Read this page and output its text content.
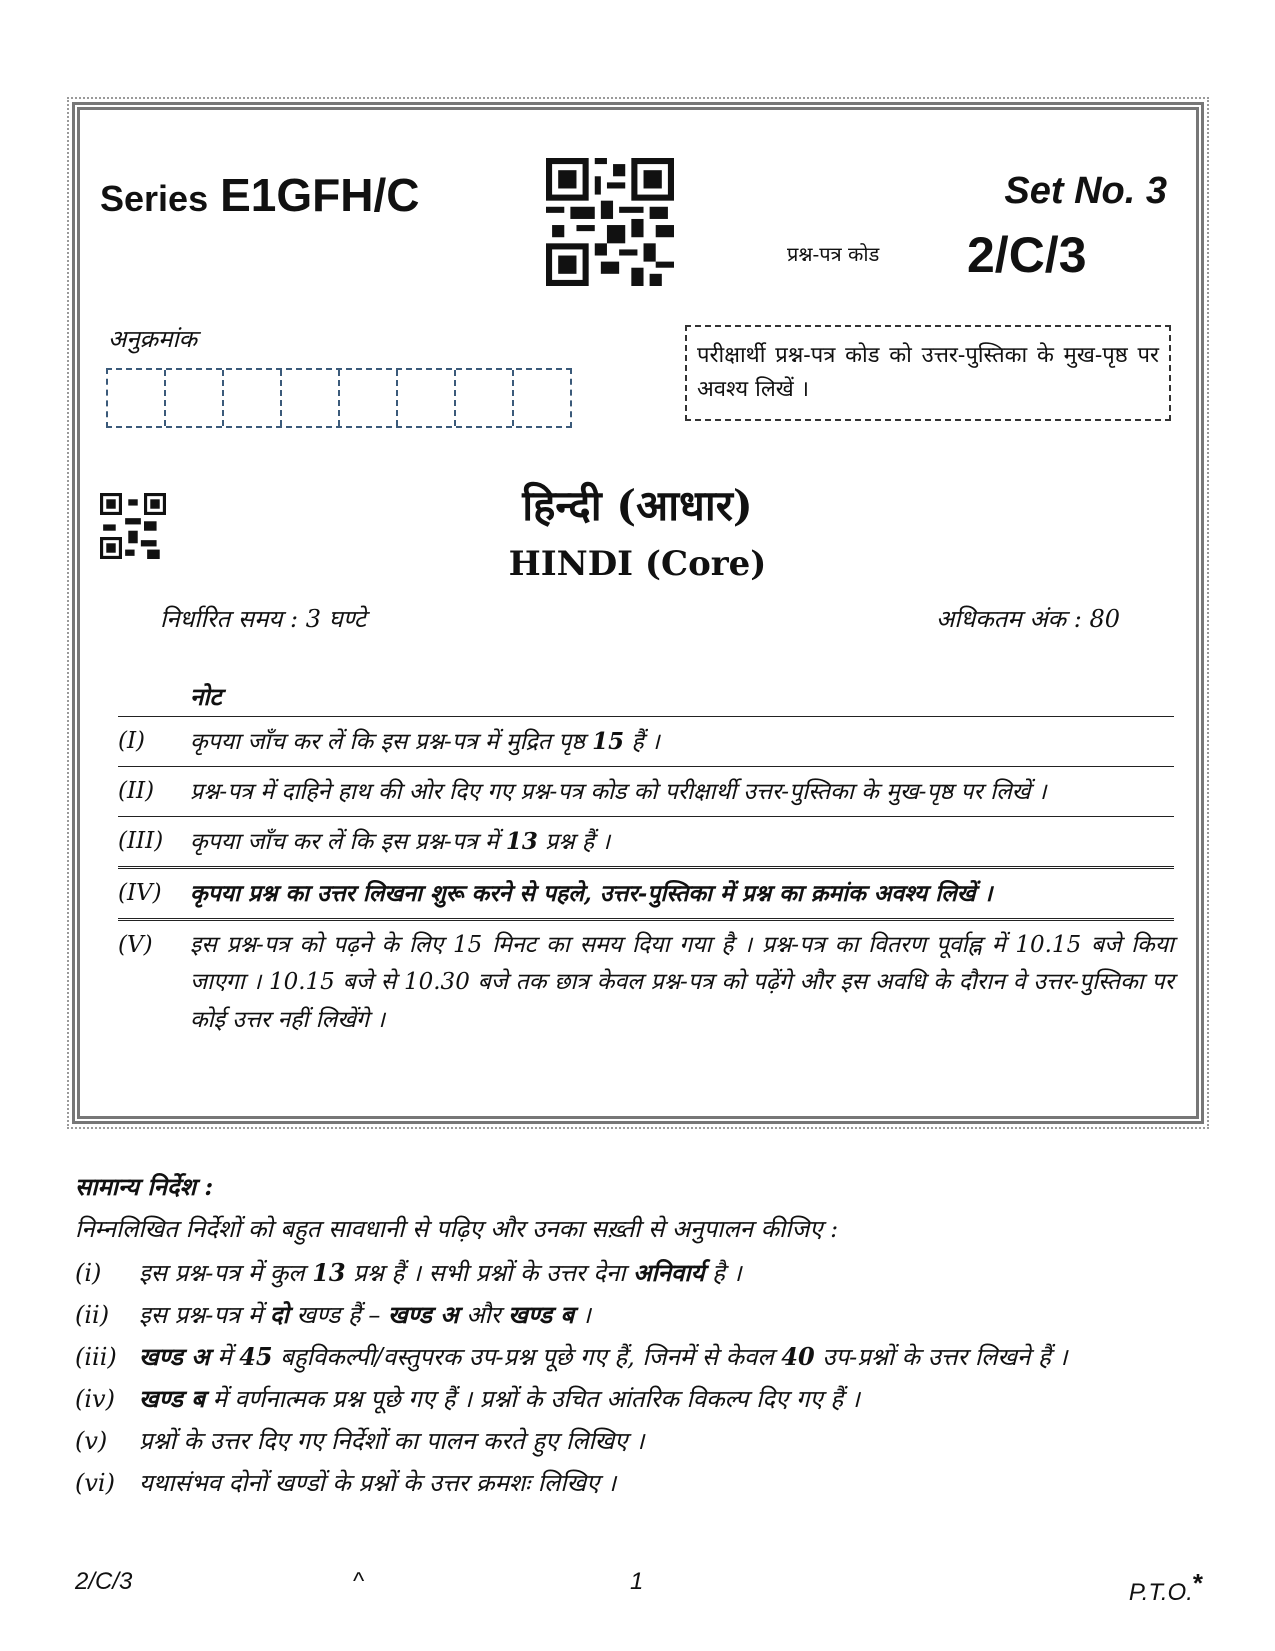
Series E1GFH/C	Set No. 3
प्रश्न-पत्र कोड 2/C/3
अनुक्रमांक
परीक्षार्थी प्रश्न-पत्र कोड को उत्तर-पुस्तिका के मुख-पृष्ठ पर अवश्य लिखें ।
हिन्दी (आधार)
HINDI (Core)
निर्धारित समय : 3 घण्टे	अधिकतम अंक : 80
नोट
(I)	कृपया जाँच कर लें कि इस प्रश्न-पत्र में मुद्रित पृष्ठ 15 हैं ।
(II)	प्रश्न-पत्र में दाहिने हाथ की ओर दिए गए प्रश्न-पत्र कोड को परीक्षार्थी उत्तर-पुस्तिका के मुख-पृष्ठ पर लिखें ।
(III)	कृपया जाँच कर लें कि इस प्रश्न-पत्र में 13 प्रश्न हैं ।
(IV)	कृपया प्रश्न का उत्तर लिखना शुरू करने से पहले, उत्तर-पुस्तिका में प्रश्न का क्रमांक अवश्य लिखें ।
(V)	इस प्रश्न-पत्र को पढ़ने के लिए 15 मिनट का समय दिया गया है । प्रश्न-पत्र का वितरण पूर्वाह्न में 10.15 बजे किया जाएगा । 10.15 बजे से 10.30 बजे तक छात्र केवल प्रश्न-पत्र को पढ़ेंगे और इस अवधि के दौरान वे उत्तर-पुस्तिका पर कोई उत्तर नहीं लिखेंगे ।
सामान्य निर्देश :
निम्नलिखित निर्देशों को बहुत सावधानी से पढ़िए और उनका सख़्ती से अनुपालन कीजिए :
(i)	इस प्रश्न-पत्र में कुल 13 प्रश्न हैं । सभी प्रश्नों के उत्तर देना अनिवार्य है ।
(ii)	इस प्रश्न-पत्र में दो खण्ड हैं – खण्ड अ और खण्ड ब ।
(iii) खण्ड अ में 45 बहुविकल्पी/वस्तुपरक उप-प्रश्न पूछे गए हैं, जिनमें से केवल 40 उप-प्रश्नों के उत्तर लिखने हैं ।
(iv)	खण्ड ब में वर्णनात्मक प्रश्न पूछे गए हैं । प्रश्नों के उचित आंतरिक विकल्प दिए गए हैं ।
(v)	प्रश्नों के उत्तर दिए गए निर्देशों का पालन करते हुए लिखिए ।
(vi)	यथासंभव दोनों खण्डों के प्रश्नों के उत्तर क्रमशः लिखिए ।
2/C/3	^	1	P.T.O.*
